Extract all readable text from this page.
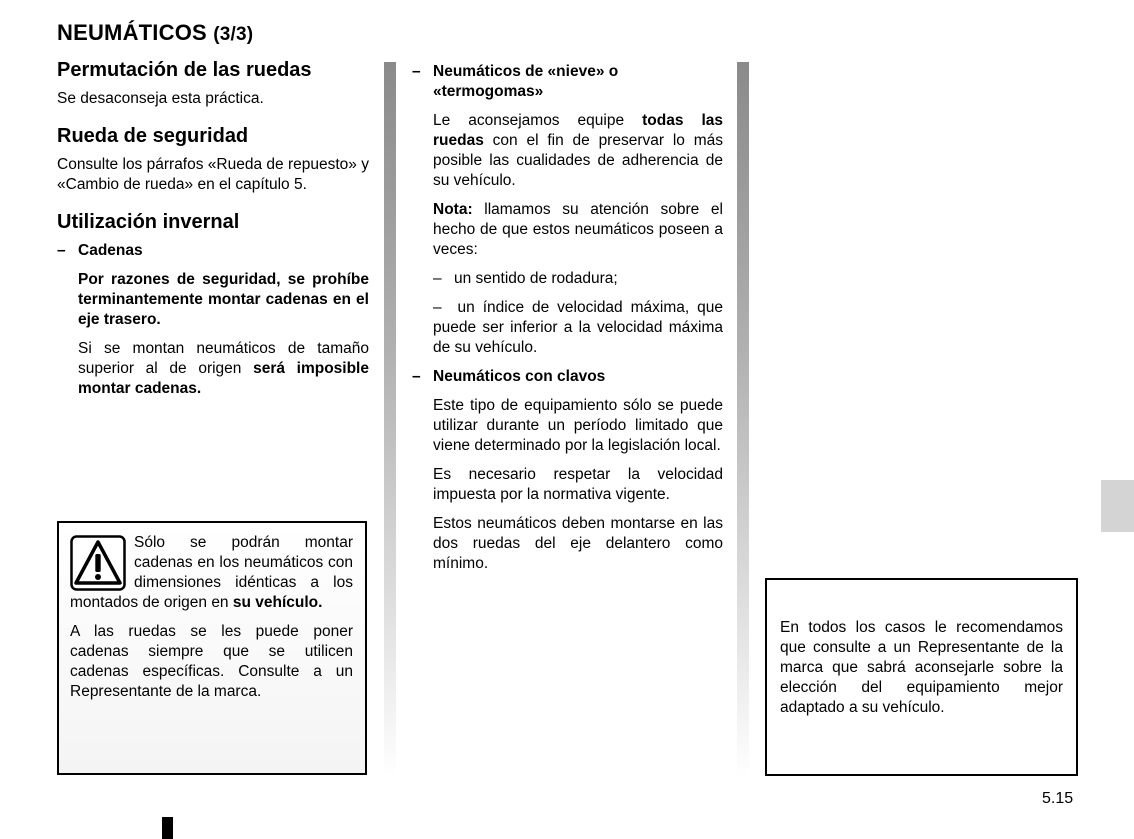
NEUMÁTICOS (3/3)
Permutación de las ruedas

Se desaconseja esta práctica.

Rueda de seguridad

Consulte los párrafos «Rueda de repuesto» y «Cambio de rueda» en el capítulo 5.

Utilización invernal
– Cadenas

Por razones de seguridad, se prohíbe terminantemente montar cadenas en el eje trasero.

Si se montan neumáticos de tamaño superior al de origen será imposible montar cadenas.

Sólo se podrán montar cadenas en los neumáticos con dimensiones idénticas a los montados de origen en su vehículo.

A las ruedas se les puede poner cadenas siempre que se utilicen cadenas específicas. Consulte a un Representante de la marca.

– Neumáticos de «nieve» o «termogomas»

Le aconsejamos equipe todas las ruedas con el fin de preservar lo más posible las cualidades de adherencia de su vehículo.

Nota: llamamos su atención sobre el hecho de que estos neumáticos poseen a veces:

– un sentido de rodadura;

– un índice de velocidad máxima, que puede ser inferior a la velocidad máxima de su vehículo.

– Neumáticos con clavos

Este tipo de equipamiento sólo se puede utilizar durante un período limitado que viene determinado por la legislación local.

Es necesario respetar la velocidad impuesta por la normativa vigente.

Estos neumáticos deben montarse en las dos ruedas del eje delantero como mínimo.

En todos los casos le recomendamos que consulte a un Representante de la marca que sabrá aconsejarle sobre la elección del equipamiento mejor adaptado a su vehículo.

5.15
